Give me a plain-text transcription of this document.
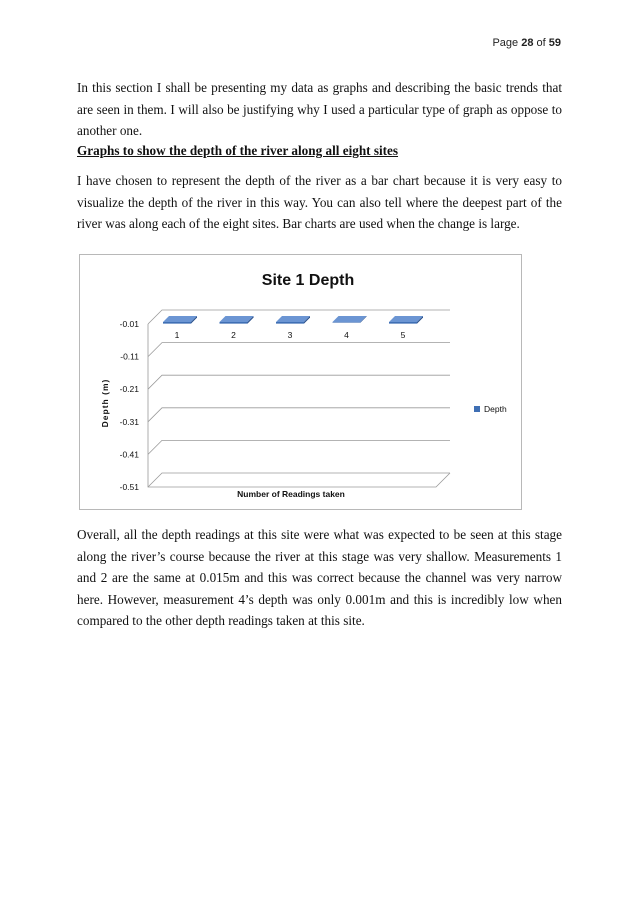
Page 28 of 59

In this section I shall be presenting my data as graphs and describing the basic trends that are seen in them. I will also be justifying why I used a particular type of graph as oppose to another one.

Graphs to show the depth of the river along all eight sites

I have chosen to represent the depth of the river as a bar chart because it is very easy to visualize the depth of the river in this way. You can also tell where the deepest part of the river was along each of the eight sites. Bar charts are used when the change is large.

Site 1 Depth
Depth (m)
Number of Readings taken
-0.01
-0.11
-0.21
-0.31
-0.41
-0.51
1	2	3	4	5
Depth

Overall, all the depth readings at this site were what was expected to be seen at this stage along the river’s course because the river at this stage was very shallow. Measurements 1 and 2 are the same at 0.015m and this was correct because the channel was very narrow here. However, measurement 4’s depth was only 0.001m and this is incredibly low when compared to the other depth readings taken at this site.
